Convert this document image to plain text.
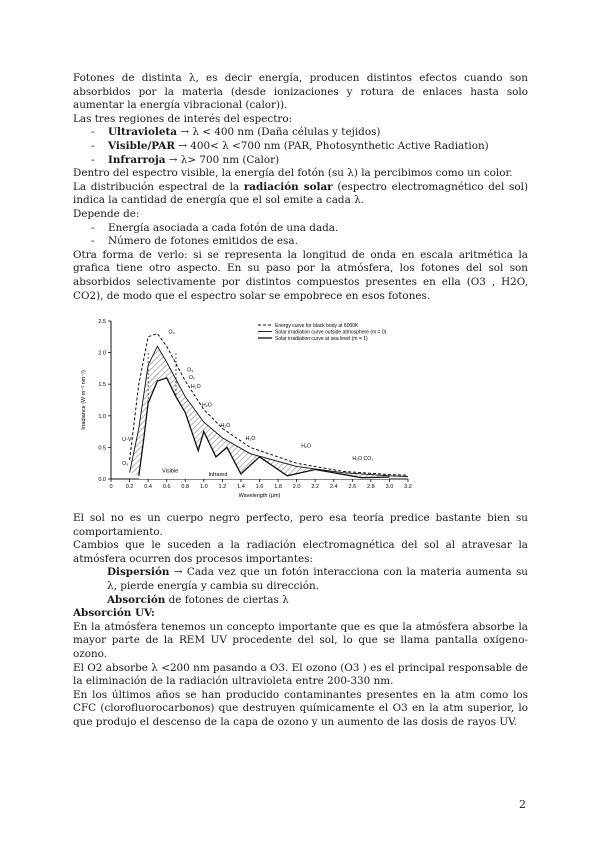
Fotones de distinta λ, es decir energía, producen distintos efectos cuando son absorbidos por la materia (desde ionizaciones y rotura de enlaces hasta solo aumentar la energía vibracional (calor)).

Las tres regiones de interés del espectro:

- Ultravioleta → λ < 400 nm (Daña células y tejidos)
- Visible/PAR → 400< λ <700 nm (PAR, Photosynthetic Active Radiation)
- Infrarroja → λ> 700 nm (Calor)

Dentro del espectro visible, la energía del fotón (su λ) la percibimos como un color.

La distribución espectral de la radiación solar (espectro electromagnético del sol) indica la cantidad de energía que el sol emite a cada λ.

Depende de:

- Energía asociada a cada fotón de una dada.
- Número de fotones emitidos de esa.

Otra forma de verlo: si se representa la longitud de onda en escala aritmética la grafica tiene otro aspecto. En su paso por la atmósfera, los fotones del sol son absorbidos selectivamente por distintos compuestos presentes en ella (O3 , H2O, CO2), de modo que el espectro solar se empobrece en esos fotones.

0.0
0.5
1.0
1.5
2.0
2.5
0 0.2 0.4 0.6 0.8 1.0 1.2 1.4 1.6 1.8 2.0 2.2 2.4 2.6 2.8 3.0 3.2
Irradiance (W m⁻² nm⁻¹)
Wavelength (μm)
Energy curve for black body at 6000K
Solar irradiation curve outside atmosphere (m = 0)
Solar irradiation curve at sea level (m = 1)
U-V
Visible
Infrared
O₃
O₃
O₂
H₂O
H₂O
H₂O
H₂O
H₂O
H₂O CO₂
O₃

El sol no es un cuerpo negro perfecto, pero esa teoría predice bastante bien su comportamiento.

Cambios que le suceden a la radiación electromagnética del sol al atravesar la atmósfera ocurren dos procesos importantes:

Dispersión → Cada vez que un fotón interacciona con la materia aumenta su λ, pierde energía y cambia su dirección.

Absorción de fotones de ciertas λ

Absorción UV:

En la atmósfera tenemos un concepto importante que es que la atmósfera absorbe la mayor parte de la REM UV procedente del sol, lo que se llama pantalla oxígeno-ozono.

El O2 absorbe λ <200 nm pasando a O3. El ozono (O3 ) es el principal responsable de la eliminación de la radiación ultravioleta entre 200-330 nm.

En los últimos años se han producido contaminantes presentes en la atm como los CFC (clorofluorocarbonos) que destruyen químicamente el O3 en la atm superior, lo que produjo el descenso de la capa de ozono y un aumento de las dosis de rayos UV.

2
